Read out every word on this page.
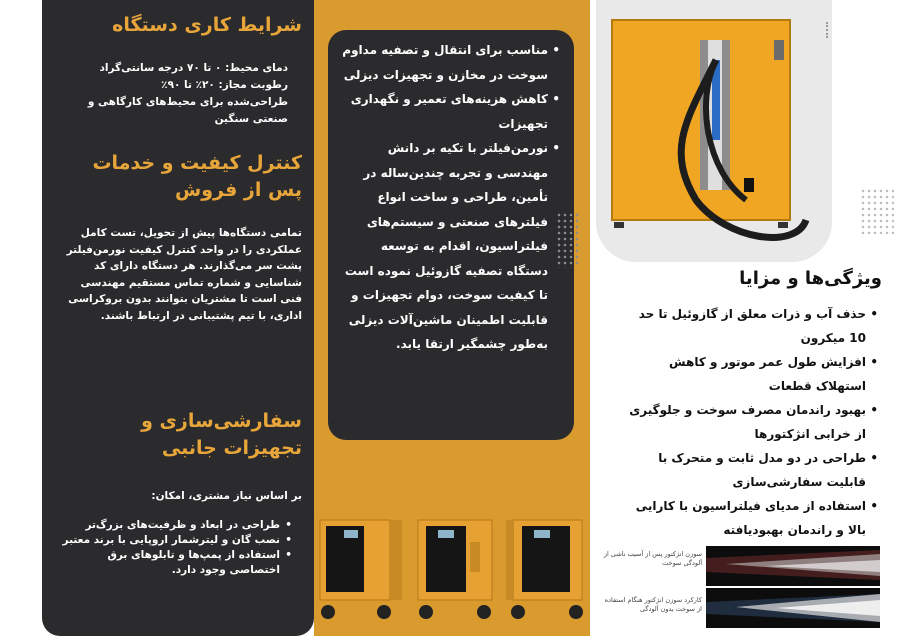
شرایط کاری دستگاه
دمای محیط: ۰ تا ۷۰ درجه سانتی‌گراد
رطوبت مجاز: ۲۰٪ تا ۹۰٪
طراحی‌شده برای محیط‌های کارگاهی و صنعتی سنگین
کنترل کیفیت و خدمات پس از فروش
تمامی دستگاه‌ها پیش از تحویل، تست کامل عملکردی را در واحد کنترل کیفیت نورمن‌فیلتر پشت سر می‌گذارند. هر دستگاه دارای کد شناسایی و شماره تماس مستقیم مهندسی فنی است تا مشتریان بتوانند بدون بروکراسی اداری، با تیم پشتیبانی در ارتباط باشند.
سفارشی‌سازی و تجهیزات جانبی
بر اساس نیاز مشتری، امکان:
• طراحی در ابعاد و ظرفیت‌های بزرگ‌تر
• نصب گان و لیترشمار اروپایی با برند معتبر
• استفاده از پمپ‌ها و تابلوهای برق اختصاصی وجود دارد.
• مناسب برای انتقال و تصفیه مداوم سوخت در مخازن و تجهیزات دیزلی
• کاهش هزینه‌های تعمیر و نگهداری تجهیزات
• نورمن‌فیلتر با تکیه بر دانش مهندسی و تجربه چندین‌ساله در تأمین، طراحی و ساخت انواع فیلترهای صنعتی و سیستم‌های فیلتراسیون، اقدام به توسعه دستگاه تصفیه گازوئیل نموده است تا کیفیت سوخت، دوام تجهیزات و قابلیت اطمینان ماشین‌آلات دیزلی به‌طور چشمگیر ارتقا یابد.
ویژگی‌ها و مزایا
• حذف آب و ذرات معلق از گازوئیل تا حد 10 میکرون
• افزایش طول عمر موتور و کاهش استهلاک قطعات
• بهبود راندمان مصرف سوخت و جلوگیری از خرابی انژکتورها
• طراحی در دو مدل ثابت و متحرک با قابلیت سفارشی‌سازی
• استفاده از مدیای فیلتراسیون با کارایی بالا و راندمان بهبودیافته
سوزن انژکتور پس از آسیب ناشی از آلودگی سوخت
کارکرد سوزن انژکتور هنگام استفاده از سوخت بدون آلودگی
